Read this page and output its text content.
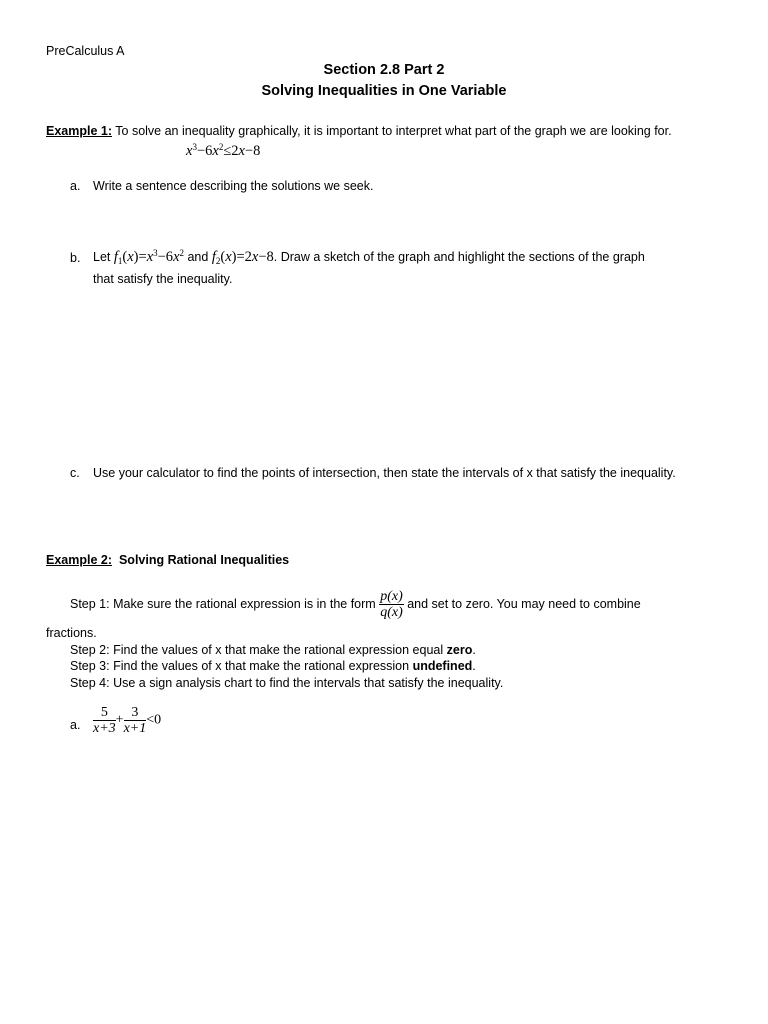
PreCalculus A
Section 2.8 Part 2
Solving Inequalities in One Variable
Example 1: To solve an inequality graphically, it is important to interpret what part of the graph we are looking for.
$x^3-6x^2\le 2x-8$
a. Write a sentence describing the solutions we seek.
b. Let $f_1(x)=x^3-6x^2$ and $f_2(x)=2x-8$. Draw a sketch of the graph and highlight the sections of the graph
that satisfy the inequality.
c. Use your calculator to find the points of intersection, then state the intervals of x that satisfy the inequality.
Example 2: Solving Rational Inequalities
Step 1: Make sure the rational expression is in the form $\frac{p(x)}{q(x)}$ and set to zero. You may need to combine
fractions.
Step 2: Find the values of x that make the rational expression equal zero.
Step 3: Find the values of x that make the rational expression undefined.
Step 4: Use a sign analysis chart to find the intervals that satisfy the inequality.
a. $\frac{5}{x+3} + \frac{3}{x+1} <0$
